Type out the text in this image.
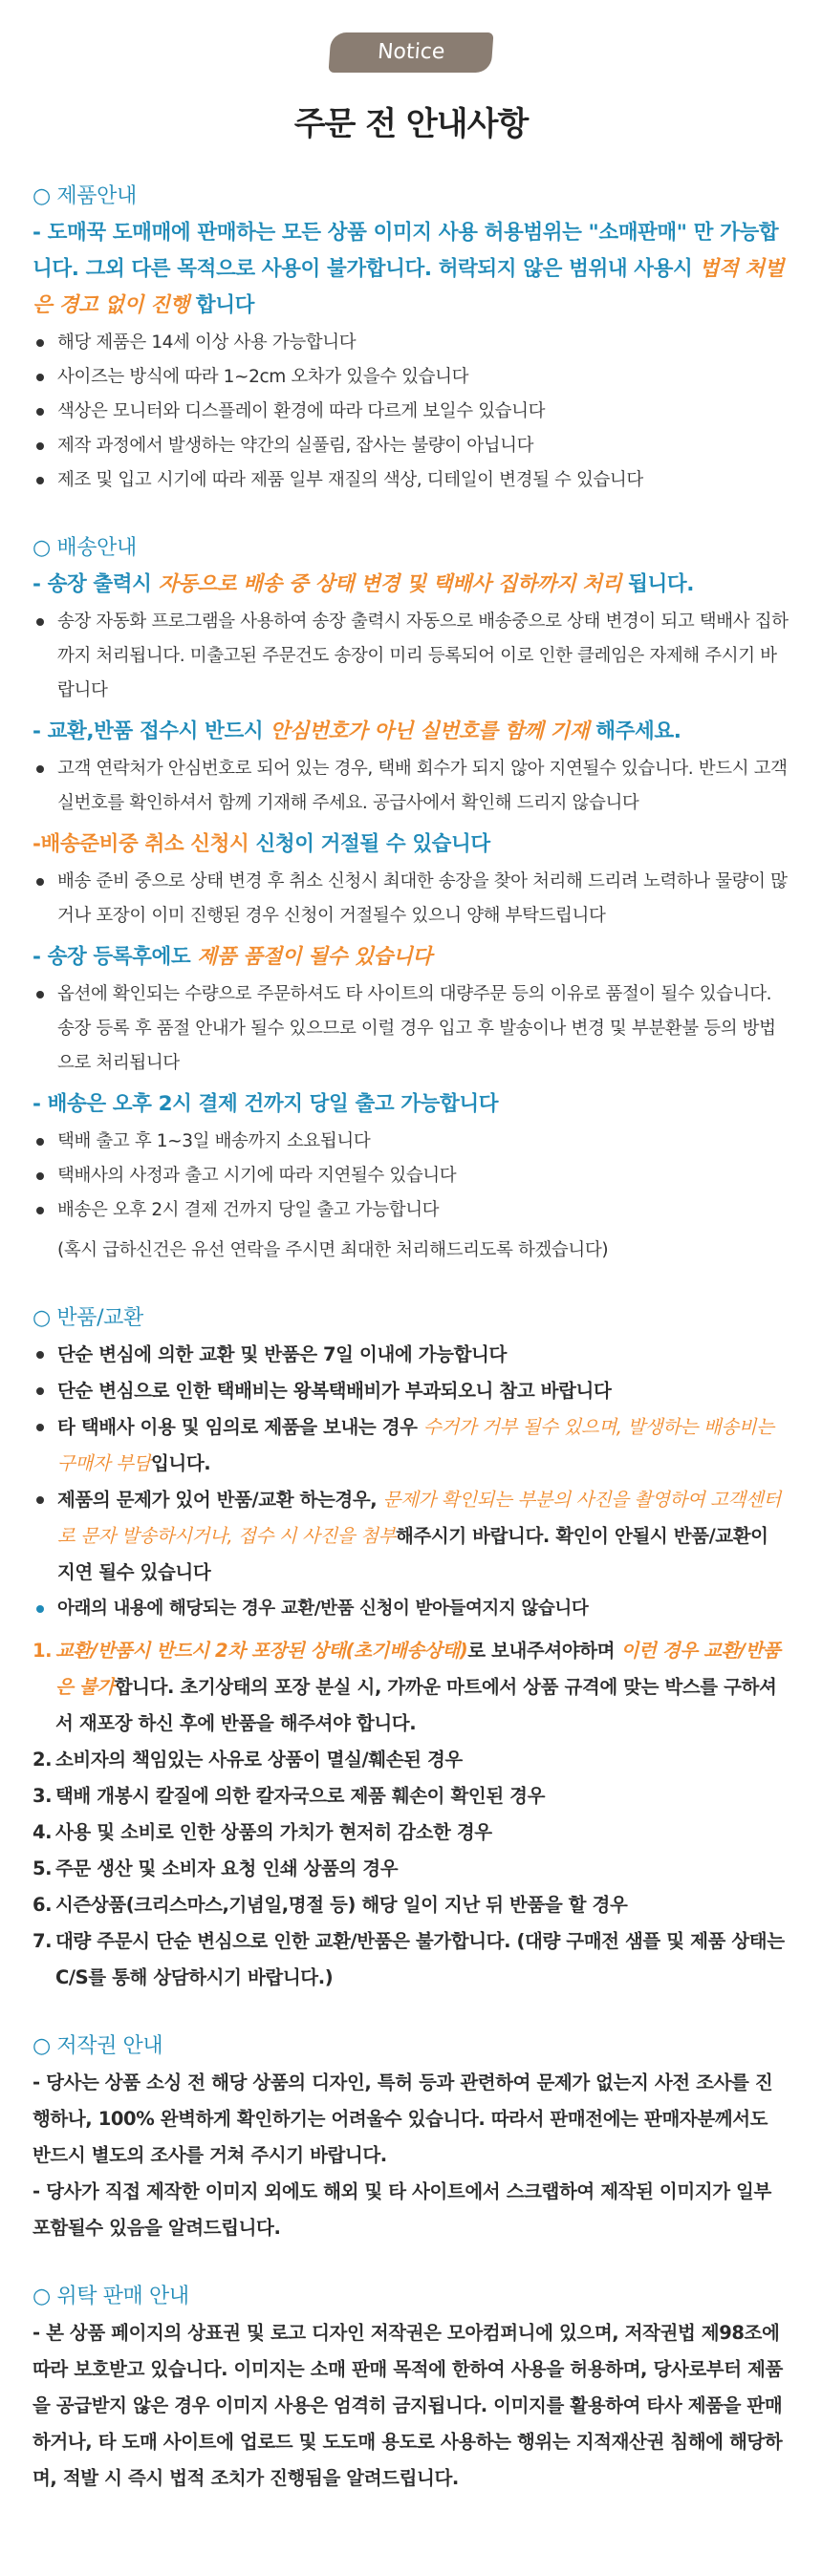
Notice
주문 전 안내사항
○ 제품안내
- 도매꾹 도매매에 판매하는 모든 상품 이미지 사용 허용범위는 "소매판매" 만 가능합니다. 그외 다른 목적으로 사용이 불가합니다. 허락되지 않은 범위내 사용시 법적 처벌은 경고 없이 진행 합니다
해당 제품은 14세 이상 사용 가능합니다
사이즈는 방식에 따라 1~2cm 오차가 있을수 있습니다
색상은 모니터와 디스플레이 환경에 따라 다르게 보일수 있습니다
제작 과정에서 발생하는 약간의 실풀림, 잡사는 불량이 아닙니다
제조 및 입고 시기에 따라 제품 일부 재질의 색상, 디테일이 변경될 수 있습니다
○ 배송안내
- 송장 출력시 자동으로 배송 중 상태 변경 및 택배사 집하까지 처리 됩니다.
송장 자동화 프로그램을 사용하여 송장 출력시 자동으로 배송중으로 상태 변경이 되고 택배사 집하까지 처리됩니다. 미출고된 주문건도 송장이 미리 등록되어 이로 인한 클레임은 자제해 주시기 바랍니다
- 교환,반품 접수시 반드시 안심번호가 아닌 실번호를 함께 기재 해주세요.
고객 연락처가 안심번호로 되어 있는 경우, 택배 회수가 되지 않아 지연될수 있습니다. 반드시 고객 실번호를 확인하셔서 함께 기재해 주세요. 공급사에서 확인해 드리지 않습니다
-배송준비중 취소 신청시 신청이 거절될 수 있습니다
배송 준비 중으로 상태 변경 후 취소 신청시 최대한 송장을 찾아 처리해 드리려 노력하나 물량이 많거나 포장이 이미 진행된 경우 신청이 거절될수 있으니 양해 부탁드립니다
- 송장 등록후에도 제품 품절이 될수 있습니다
옵션에 확인되는 수량으로 주문하셔도 타 사이트의 대량주문 등의 이유로 품절이 될수 있습니다. 송장 등록 후 품절 안내가 될수 있으므로 이럴 경우 입고 후 발송이나 변경 및 부분환불 등의 방법으로 처리됩니다
- 배송은 오후 2시 결제 건까지 당일 출고 가능합니다
택배 출고 후 1~3일 배송까지 소요됩니다
택배사의 사정과 출고 시기에 따라 지연될수 있습니다
배송은 오후 2시 결제 건까지 당일 출고 가능합니다
(혹시 급하신건은 유선 연락을 주시면 최대한 처리해드리도록 하겠습니다)
○ 반품/교환
단순 변심에 의한 교환 및 반품은 7일 이내에 가능합니다
단순 변심으로 인한 택배비는 왕복택배비가 부과되오니 참고 바랍니다
타 택배사 이용 및 임의로 제품을 보내는 경우 수거가 거부 될수 있으며, 발생하는 배송비는 구매자 부담입니다.
제품의 문제가 있어 반품/교환 하는경우, 문제가 확인되는 부분의 사진을 촬영하여 고객센터로 문자 발송하시거나, 접수 시 사진을 첨부해주시기 바랍니다. 확인이 안될시 반품/교환이 지연 될수 있습니다
아래의 내용에 해당되는 경우 교환/반품 신청이 받아들여지지 않습니다
1. 교환/반품시 반드시 2차 포장된 상태(초기배송상태)로 보내주셔야하며 이런 경우 교환/반품은 불가합니다. 초기상태의 포장 분실 시, 가까운 마트에서 상품 규격에 맞는 박스를 구하셔서 재포장 하신 후에 반품을 해주셔야 합니다.
2. 소비자의 책임있는 사유로 상품이 멸실/훼손된 경우
3. 택배 개봉시 칼질에 의한 칼자국으로 제품 훼손이 확인된 경우
4. 사용 및 소비로 인한 상품의 가치가 현저히 감소한 경우
5. 주문 생산 및 소비자 요청 인쇄 상품의 경우
6. 시즌상품(크리스마스,기념일,명절 등) 해당 일이 지난 뒤 반품을 할 경우
7. 대량 주문시 단순 변심으로 인한 교환/반품은 불가합니다. (대량 구매전 샘플 및 제품 상태는 C/S를 통해 상담하시기 바랍니다.)
○ 저작권 안내
- 당사는 상품 소싱 전 해당 상품의 디자인, 특허 등과 관련하여 문제가 없는지 사전 조사를 진행하나, 100% 완벽하게 확인하기는 어려울수 있습니다. 따라서 판매전에는 판매자분께서도 반드시 별도의 조사를 거쳐 주시기 바랍니다.
- 당사가 직접 제작한 이미지 외에도 해외 및 타 사이트에서 스크랩하여 제작된 이미지가 일부 포함될수 있음을 알려드립니다.
○ 위탁 판매 안내
- 본 상품 페이지의 상표권 및 로고 디자인 저작권은 모아컴퍼니에 있으며, 저작권법 제98조에 따라 보호받고 있습니다. 이미지는 소매 판매 목적에 한하여 사용을 허용하며, 당사로부터 제품을 공급받지 않은 경우 이미지 사용은 엄격히 금지됩니다. 이미지를 활용하여 타사 제품을 판매하거나, 타 도매 사이트에 업로드 및 도도매 용도로 사용하는 행위는 지적재산권 침해에 해당하며, 적발 시 즉시 법적 조치가 진행됨을 알려드립니다.
